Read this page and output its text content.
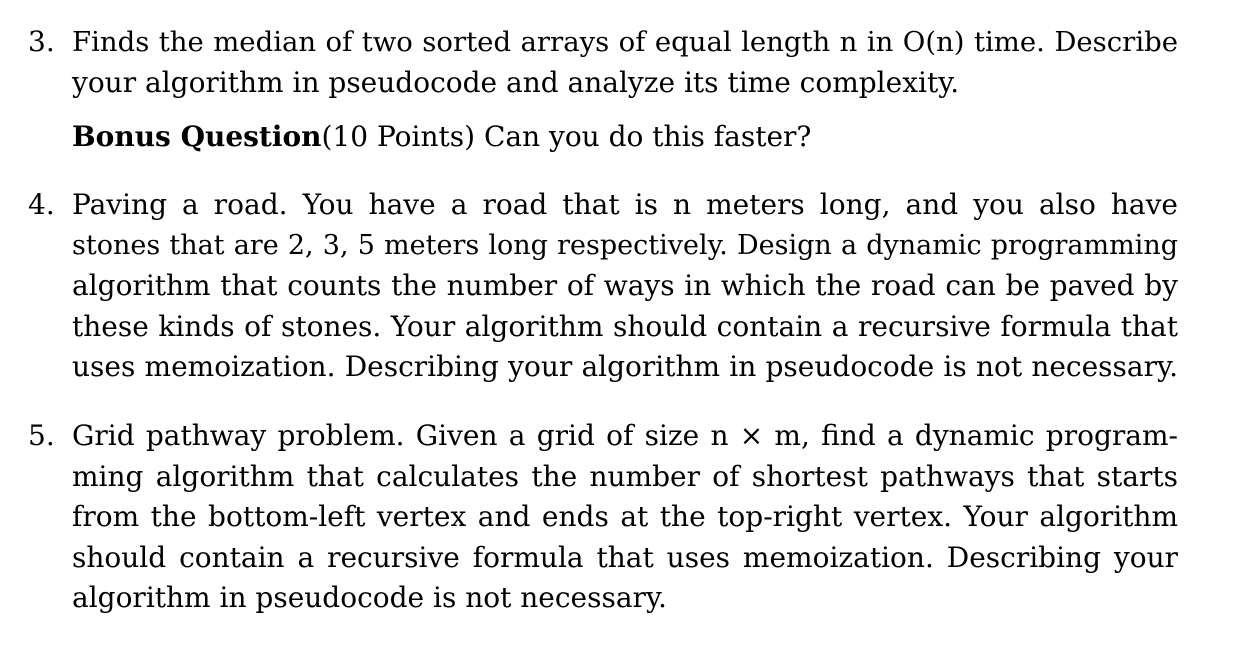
3. Finds the median of two sorted arrays of equal length n in O(n) time. Describe
your algorithm in pseudocode and analyze its time complexity.
Bonus Question(10 Points) Can you do this faster?
4. Paving a road. You have a road that is n meters long, and you also have
stones that are 2, 3, 5 meters long respectively. Design a dynamic programming
algorithm that counts the number of ways in which the road can be paved by
these kinds of stones. Your algorithm should contain a recursive formula that
uses memoization. Describing your algorithm in pseudocode is not necessary.
5. Grid pathway problem. Given a grid of size n × m, find a dynamic program-
ming algorithm that calculates the number of shortest pathways that starts
from the bottom-left vertex and ends at the top-right vertex. Your algorithm
should contain a recursive formula that uses memoization. Describing your
algorithm in pseudocode is not necessary.
